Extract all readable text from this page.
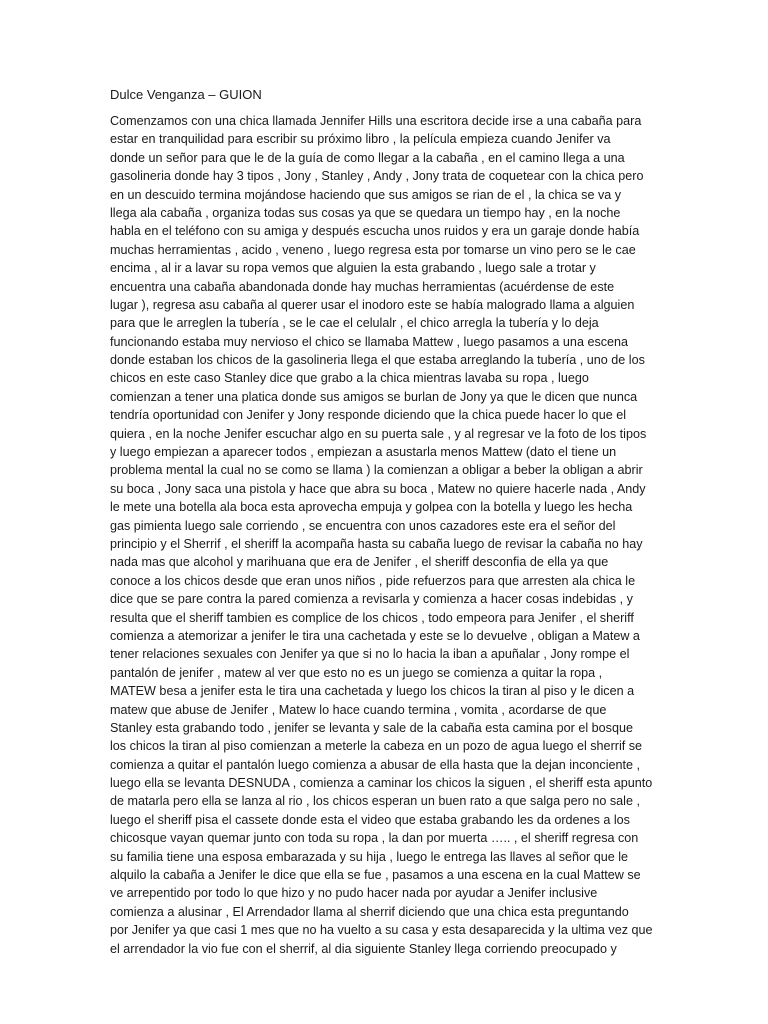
Dulce Venganza – GUION
Comenzamos con una chica llamada Jennifer Hills una escritora decide irse a una cabaña para
estar en tranquilidad para escribir su próximo libro , la película empieza cuando Jenifer va
donde un señor para que le de la guía de como llegar a la cabaña , en el camino llega a una
gasolineria donde hay 3 tipos , Jony , Stanley , Andy , Jony trata de coquetear con la chica pero
en un descuido termina mojándose haciendo que sus amigos se rian de el , la chica se va y
llega ala cabaña , organiza todas sus cosas ya que se quedara un tiempo hay , en la noche
habla en el teléfono con su amiga y después escucha unos ruidos y era un garaje donde había
muchas herramientas , acido , veneno , luego regresa esta por tomarse un vino pero se le cae
encima , al ir a lavar su ropa vemos que alguien la esta grabando , luego sale a trotar y
encuentra una cabaña abandonada donde hay muchas herramientas (acuérdense de este
lugar ), regresa asu cabaña al querer usar el inodoro este se había malogrado llama a alguien
para que le arreglen la tubería , se le cae el celulalr , el chico arregla la tubería y lo deja
funcionando estaba muy nervioso el chico se llamaba Mattew , luego pasamos a una escena
donde estaban los chicos de la gasolineria llega el que estaba arreglando la tubería , uno de los
chicos en este caso Stanley dice que grabo a la chica mientras lavaba su ropa , luego
comienzan a tener una platica donde sus amigos se burlan de Jony ya que le dicen que nunca
tendría oportunidad con Jenifer y Jony responde diciendo que la chica puede hacer lo que el
quiera , en la noche Jenifer escuchar algo en su puerta sale , y al regresar ve la foto de los tipos
y luego empiezan a aparecer todos , empiezan a asustarla menos Mattew (dato el tiene un
problema mental la cual no se como se llama ) la comienzan a obligar a beber la obligan a abrir
su boca , Jony saca una pistola y hace que abra su boca , Matew no quiere hacerle nada , Andy
le mete una botella ala boca esta aprovecha empuja y golpea con la botella y luego les hecha
gas pimienta luego sale corriendo , se encuentra con unos cazadores este era el señor del
principio y el Sherrif , el sheriff la acompaña hasta su cabaña luego de revisar la cabaña no hay
nada mas que alcohol y marihuana que era de Jenifer , el sheriff desconfia de ella ya que
conoce a los chicos desde que eran unos niños , pide refuerzos para que arresten ala chica le
dice que se pare contra la pared comienza a revisarla y comienza a hacer cosas indebidas , y
resulta que el sheriff tambien es complice de los chicos , todo empeora para Jenifer , el sheriff
comienza a atemorizar a jenifer le tira una cachetada y este se lo devuelve , obligan a Matew a
tener relaciones sexuales con Jenifer ya que si no lo hacia la iban a apuñalar , Jony rompe el
pantalón de jenifer , matew al ver que esto no es un juego se comienza a quitar la ropa ,
MATEW besa a jenifer esta le tira una cachetada y luego los chicos la tiran al piso y le dicen a
matew que abuse de Jenifer , Matew lo hace cuando termina , vomita , acordarse de que
Stanley esta grabando todo , jenifer se levanta y sale de la cabaña esta camina por el bosque
los chicos la tiran al piso comienzan a meterle la cabeza en un pozo de agua luego el sherrif se
comienza a quitar el pantalón luego comienza a abusar de ella hasta que la dejan inconciente ,
luego ella se levanta DESNUDA , comienza a caminar los chicos la siguen , el sheriff esta apunto
de matarla pero ella se lanza al rio , los chicos esperan un buen rato a que salga pero no sale ,
luego el sheriff pisa el cassete donde esta el video que estaba grabando les da ordenes a los
chicosque vayan quemar junto con toda su ropa , la dan por muerta ….. , el sheriff regresa con
su familia tiene una esposa embarazada y su hija , luego le entrega las llaves al señor que le
alquilo la cabaña a Jenifer le dice que ella se fue , pasamos a una escena en la cual Mattew se
ve arrepentido por todo lo que hizo y no pudo hacer nada por ayudar a Jenifer inclusive
comienza a alusinar , El Arrendador llama al sherrif diciendo que una chica esta preguntando
por Jenifer ya que casi 1 mes que no ha vuelto a su casa y esta desaparecida y la ultima vez que
el arrendador la vio fue con el sherrif, al dia siguiente Stanley llega corriendo preocupado y
